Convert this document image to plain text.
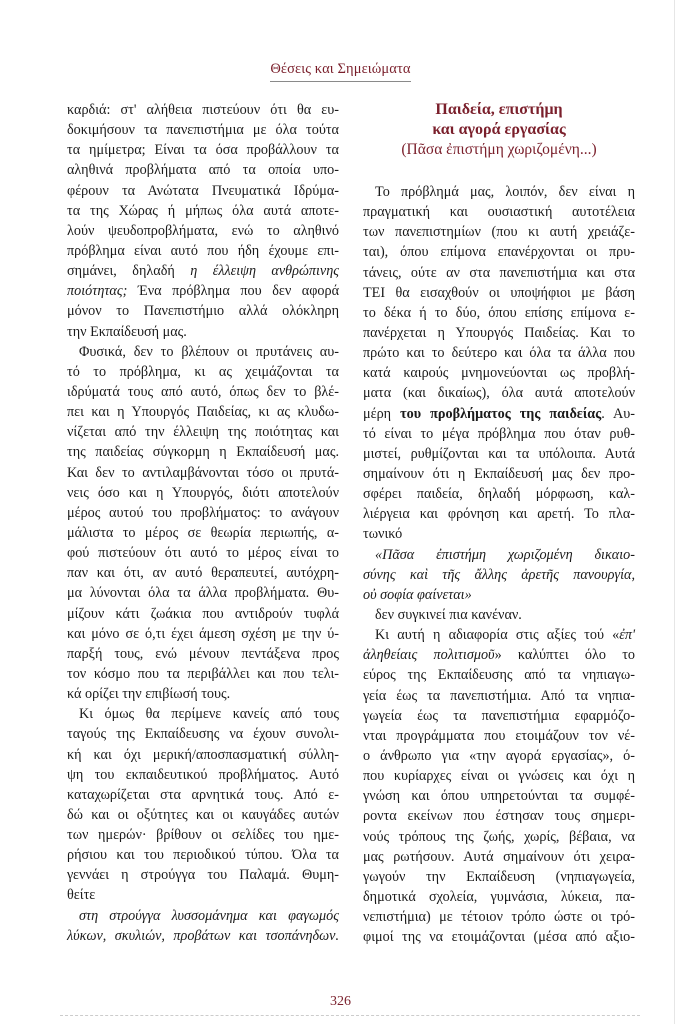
Θέσεις και Σημειώματα
καρδιά: στ' αλήθεια πιστεύουν ότι θα ευ-
δοκιμήσουν τα πανεπιστήμια με όλα τούτα
τα ημίμετρα; Είναι τα όσα προβάλλουν τα
αληθινά προβλήματα από τα οποία υπο-
φέρουν τα Ανώτατα Πνευματικά Ιδρύμα-
τα της Χώρας ή μήπως όλα αυτά αποτε-
λούν ψευδοπροβλήματα, ενώ το αληθινό
πρόβλημα είναι αυτό που ήδη έχουμε επι-
σημάνει, δηλαδή η έλλειψη ανθρώπινης
ποιότητας; Ένα πρόβλημα που δεν αφορά
μόνον το Πανεπιστήμιο αλλά ολόκληρη
την Εκπαίδευσή μας.
Φυσικά, δεν το βλέπουν οι πρυτάνεις αυ-
τό το πρόβλημα, κι ας χειμάζονται τα
ιδρύματά τους από αυτό, όπως δεν το βλέ-
πει και η Υπουργός Παιδείας, κι ας κλυδω-
νίζεται από την έλλειψη της ποιότητας και
της παιδείας σύγκορμη η Εκπαίδευσή μας.
Και δεν το αντιλαμβάνονται τόσο οι πρυτά-
νεις όσο και η Υπουργός, διότι αποτελούν
μέρος αυτού του προβλήματος: το ανάγουν
μάλιστα το μέρος σε θεωρία περιωπής, α-
φού πιστεύουν ότι αυτό το μέρος είναι το
παν και ότι, αν αυτό θεραπευτεί, αυτόχρη-
μα λύνονται όλα τα άλλα προβλήματα. Θυ-
μίζουν κάτι ζωάκια που αντιδρούν τυφλά
και μόνο σε ό,τι έχει άμεση σχέση με την ύ-
παρξή τους, ενώ μένουν πεντάξενα προς
τον κόσμο που τα περιβάλλει και που τελι-
κά ορίζει την επιβίωσή τους.
Κι όμως θα περίμενε κανείς από τους
ταγούς της Εκπαίδευσης να έχουν συνολι-
κή και όχι μερική/αποσπασματική σύλλη-
ψη του εκπαιδευτικού προβλήματος. Αυτό
καταχωρίζεται στα αρνητικά τους. Από ε-
δώ και οι οξύτητες και οι καυγάδες αυτών
των ημερών· βρίθουν οι σελίδες του ημε-
ρήσιου και του περιοδικού τύπου. Όλα τα
γεννάει η στρούγγα του Παλαμά. Θυμη-
θείτε
στη στρούγγα λυσσομάνημα και φαγωμός
λύκων, σκυλιών, προβάτων και τσοπάνηδων.
Παιδεία, επιστήμη
και αγορά εργασίας
(Πᾶσα ἐπιστήμη χωριζομένη...)
Το πρόβλημά μας, λοιπόν, δεν είναι η
πραγματική και ουσιαστική αυτοτέλεια
των πανεπιστημίων (που κι αυτή χρειάζε-
ται), όπου επίμονα επανέρχονται οι πρυ-
τάνεις, ούτε αν στα πανεπιστήμια και στα
ΤΕΙ θα εισαχθούν οι υποψήφιοι με βάση
το δέκα ή το δύο, όπου επίσης επίμονα ε-
πανέρχεται η Υπουργός Παιδείας. Και το
πρώτο και το δεύτερο και όλα τα άλλα που
κατά καιρούς μνημονεύονται ως προβλή-
ματα (και δικαίως), όλα αυτά αποτελούν
μέρη του προβλήματος της παιδείας. Αυ-
τό είναι το μέγα πρόβλημα που όταν ρυθ-
μιστεί, ρυθμίζονται και τα υπόλοιπα. Αυτά
σημαίνουν ότι η Εκπαίδευσή μας δεν προ-
σφέρει παιδεία, δηλαδή μόρφωση, καλ-
λιέργεια και φρόνηση και αρετή. Το πλα-
τωνικό
«Πᾶσα ἐπιστήμη χωριζομένη δικαιο-
σύνης καὶ τῆς ἄλλης ἀρετῆς πανουργία,
οὐ σοφία φαίνεται»
δεν συγκινεί πια κανέναν.
Κι αυτή η αδιαφορία στις αξίες τού «ἐπ'
ἀληθείαις πολιτισμοῦ» καλύπτει όλο το
εύρος της Εκπαίδευσης από τα νηπιαγω-
γεία έως τα πανεπιστήμια. Από τα νηπια-
γωγεία έως τα πανεπιστήμια εφαρμόζο-
νται προγράμματα που ετοιμάζουν τον νέ-
ο άνθρωπο για «την αγορά εργασίας», ό-
που κυρίαρχες είναι οι γνώσεις και όχι η
γνώση και όπου υπηρετούνται τα συμφέ-
ροντα εκείνων που έστησαν τους σημερι-
νούς τρόπους της ζωής, χωρίς, βέβαια, να
μας ρωτήσουν. Αυτά σημαίνουν ότι χειρα-
γωγούν την Εκπαίδευση (νηπιαγωγεία,
δημοτικά σχολεία, γυμνάσια, λύκεια, πα-
νεπιστήμια) με τέτοιον τρόπο ώστε οι τρό-
φιμοί της να ετοιμάζονται (μέσα από αξιο-
326
